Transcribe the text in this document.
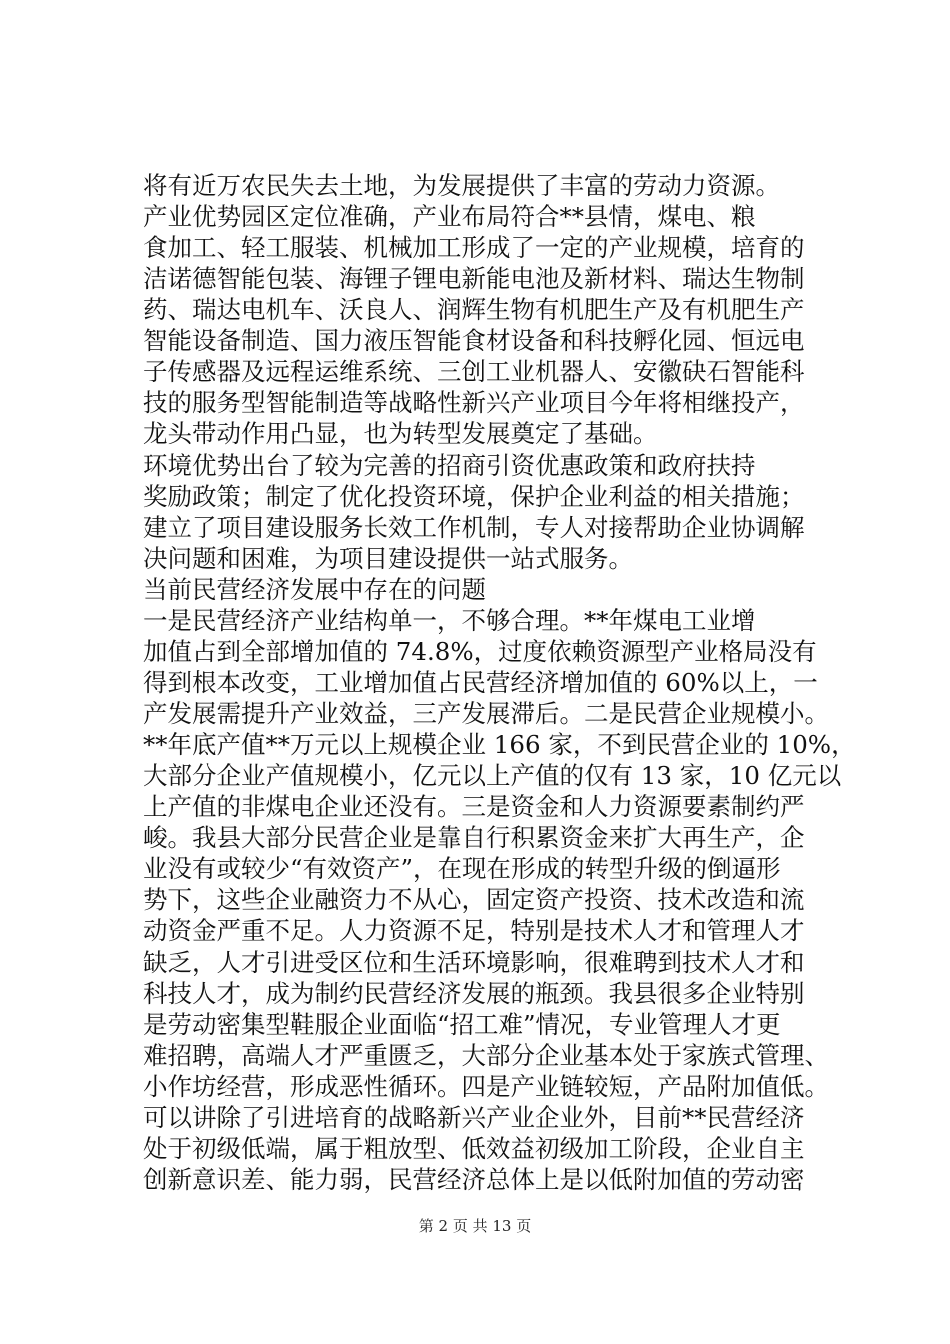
将有近万农民失去土地，为发展提供了丰富的劳动力资源。
产业优势园区定位准确，产业布局符合**县情，煤电、粮
食加工、轻工服装、机械加工形成了一定的产业规模，培育的
洁诺德智能包装、海锂子锂电新能电池及新材料、瑞达生物制
药、瑞达电机车、沃良人、润辉生物有机肥生产及有机肥生产
智能设备制造、国力液压智能食材设备和科技孵化园、恒远电
子传感器及远程运维系统、三创工业机器人、安徽砄石智能科
技的服务型智能制造等战略性新兴产业项目今年将相继投产，
龙头带动作用凸显，也为转型发展奠定了基础。
环境优势出台了较为完善的招商引资优惠政策和政府扶持
奖励政策；制定了优化投资环境，保护企业利益的相关措施；
建立了项目建设服务长效工作机制，专人对接帮助企业协调解
决问题和困难，为项目建设提供一站式服务。
当前民营经济发展中存在的问题
一是民营经济产业结构单一，不够合理。**年煤电工业增
加值占到全部增加值的 74.8%，过度依赖资源型产业格局没有
得到根本改变，工业增加值占民营经济增加值的 60%以上，一
产发展需提升产业效益，三产发展滞后。二是民营企业规模小。
**年底产值**万元以上规模企业 166 家，不到民营企业的 10%，
大部分企业产值规模小，亿元以上产值的仅有 13 家，10 亿元以
上产值的非煤电企业还没有。三是资金和人力资源要素制约严
峻。我县大部分民营企业是靠自行积累资金来扩大再生产，企
业没有或较少“有效资产”，在现在形成的转型升级的倒逼形
势下，这些企业融资力不从心，固定资产投资、技术改造和流
动资金严重不足。人力资源不足，特别是技术人才和管理人才
缺乏，人才引进受区位和生活环境影响，很难聘到技术人才和
科技人才，成为制约民营经济发展的瓶颈。我县很多企业特别
是劳动密集型鞋服企业面临“招工难”情况，专业管理人才更
难招聘，高端人才严重匮乏，大部分企业基本处于家族式管理、
小作坊经营，形成恶性循环。四是产业链较短，产品附加值低。
可以讲除了引进培育的战略新兴产业企业外，目前**民营经济
处于初级低端，属于粗放型、低效益初级加工阶段，企业自主
创新意识差、能力弱，民营经济总体上是以低附加值的劳动密
第 2 页 共 13 页
